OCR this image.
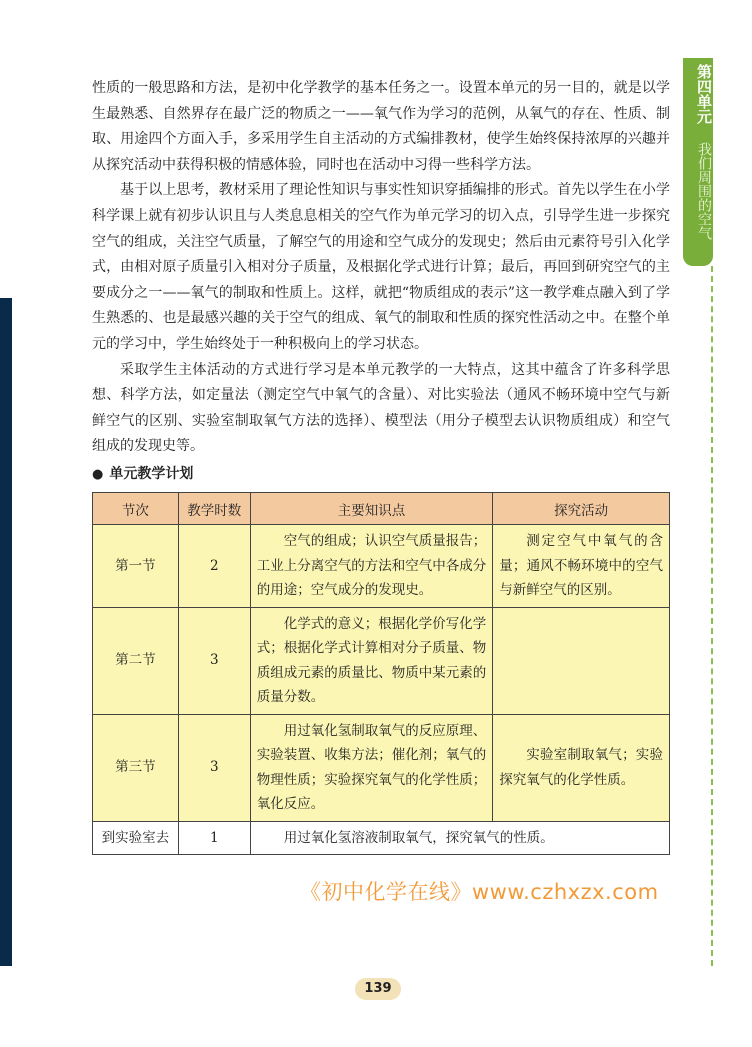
第四单元
我们周围的空气

性质的一般思路和方法，是初中化学教学的基本任务之一。设置本单元的另一目的，就是以学生最熟悉、自然界存在最广泛的物质之一——氧气作为学习的范例，从氧气的存在、性质、制取、用途四个方面入手，多采用学生自主活动的方式编排教材，使学生始终保持浓厚的兴趣并从探究活动中获得积极的情感体验，同时也在活动中习得一些科学方法。

基于以上思考，教材采用了理论性知识与事实性知识穿插编排的形式。首先以学生在小学科学课上就有初步认识且与人类息息相关的空气作为单元学习的切入点，引导学生进一步探究空气的组成，关注空气质量，了解空气的用途和空气成分的发现史；然后由元素符号引入化学式，由相对原子质量引入相对分子质量，及根据化学式进行计算；最后，再回到研究空气的主要成分之一——氧气的制取和性质上。这样，就把“物质组成的表示”这一教学难点融入到了学生熟悉的、也是最感兴趣的关于空气的组成、氧气的制取和性质的探究性活动之中。在整个单元的学习中，学生始终处于一种积极向上的学习状态。

采取学生主体活动的方式进行学习是本单元教学的一大特点，这其中蕴含了许多科学思想、科学方法，如定量法（测定空气中氧气的含量）、对比实验法（通风不畅环境中空气与新鲜空气的区别、实验室制取氧气方法的选择）、模型法（用分子模型去认识物质组成）和空气组成的发现史等。

● 单元教学计划
节次	教学时数	主要知识点	探究活动
第一节	2	空气的组成；认识空气质量报告；工业上分离空气的方法和空气中各成分的用途；空气成分的发现史。	测定空气中氧气的含量；通风不畅环境中的空气与新鲜空气的区别。
第二节	3	化学式的意义；根据化学价写化学式；根据化学式计算相对分子质量、物质组成元素的质量比、物质中某元素的质量分数。	
第三节	3	用过氧化氢制取氧气的反应原理、实验装置、收集方法；催化剂；氧气的物理性质；实验探究氧气的化学性质；氧化反应。	实验室制取氧气；实验探究氧气的化学性质。
到实验室去	1	用过氧化氢溶液制取氧气，探究氧气的性质。	
《初中化学在线》www.czhxzx.com
139
